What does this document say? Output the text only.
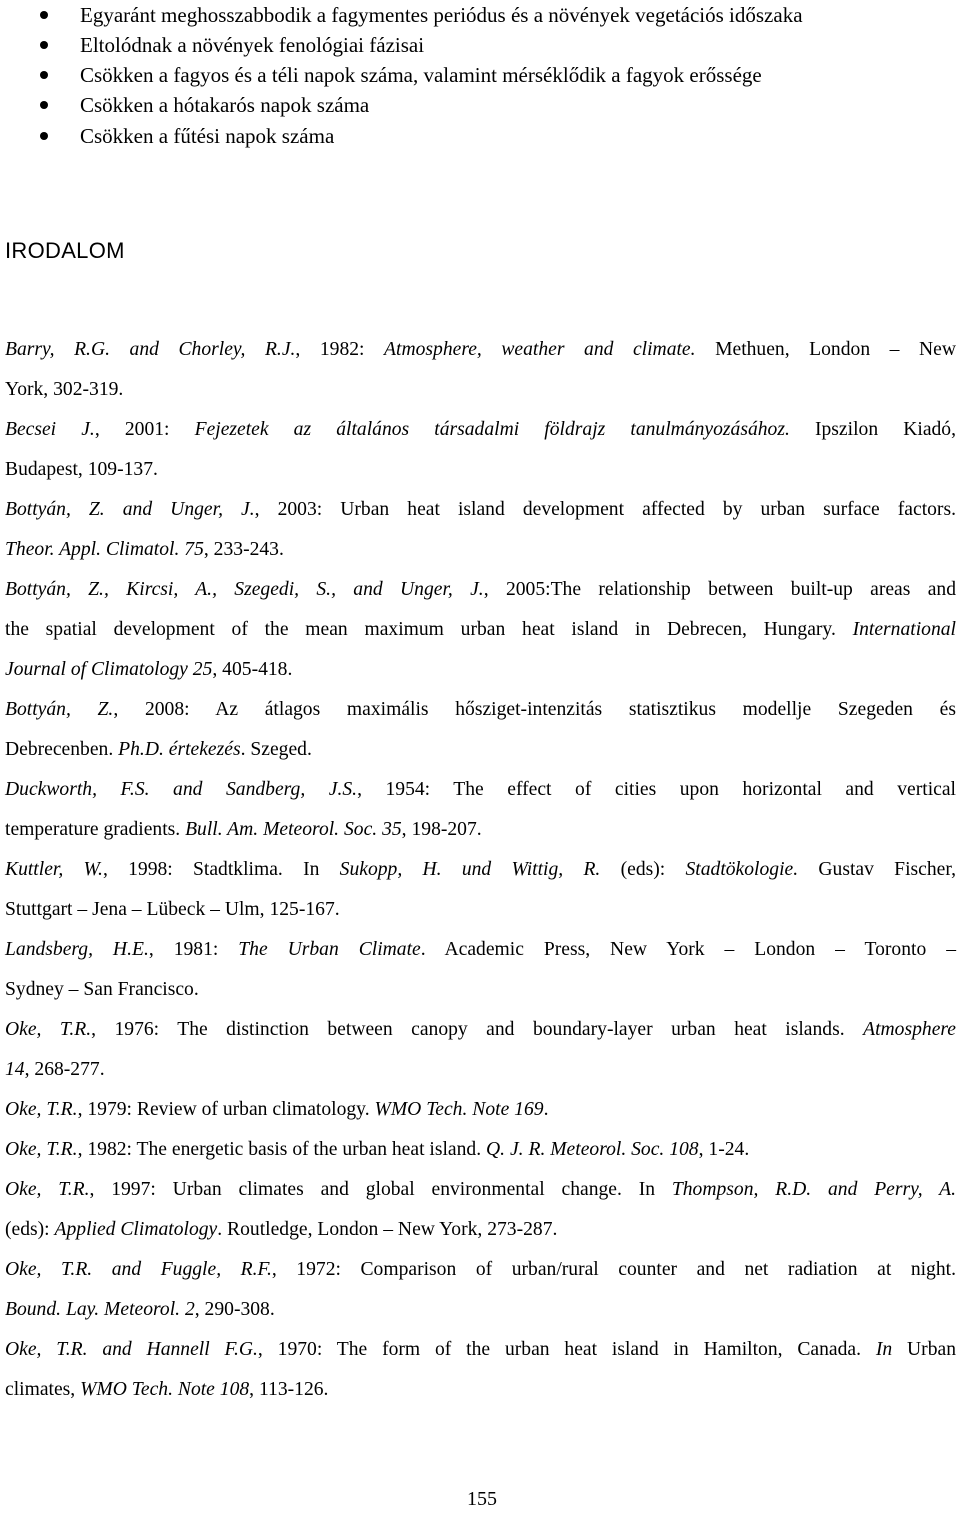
Egyaránt meghosszabbodik a fagymentes periódus és a növények vegetációs időszaka
Eltolódnak a növények fenológiai fázisai
Csökken a fagyos és a téli napok száma, valamint mérséklődik a fagyok erőssége
Csökken a hótakarós napok száma
Csökken a fűtési napok száma
IRODALOM
Barry, R.G. and Chorley, R.J., 1982: Atmosphere, weather and climate. Methuen, London – New
York, 302-319.
Becsei J., 2001: Fejezetek az általános társadalmi földrajz tanulmányozásához. Ipszilon Kiadó,
Budapest, 109-137.
Bottyán, Z. and Unger, J., 2003: Urban heat island development affected by urban surface factors.
Theor. Appl. Climatol. 75, 233-243.
Bottyán, Z., Kircsi, A., Szegedi, S., and Unger, J., 2005:The relationship between built-up areas and
the spatial development of the mean maximum urban heat island in Debrecen, Hungary. International
Journal of Climatology 25, 405-418.
Bottyán, Z., 2008: Az átlagos maximális hősziget-intenzitás statisztikus modellje Szegeden és
Debrecenben. Ph.D. értekezés. Szeged.
Duckworth, F.S. and Sandberg, J.S., 1954: The effect of cities upon horizontal and vertical
temperature gradients. Bull. Am. Meteorol. Soc. 35, 198-207.
Kuttler, W., 1998: Stadtklima. In Sukopp, H. und Wittig, R. (eds): Stadtökologie. Gustav Fischer,
Stuttgart – Jena – Lübeck – Ulm, 125-167.
Landsberg, H.E., 1981: The Urban Climate. Academic Press, New York – London – Toronto –
Sydney – San Francisco.
Oke, T.R., 1976: The distinction between canopy and boundary-layer urban heat islands. Atmosphere
14, 268-277.
Oke, T.R., 1979: Review of urban climatology. WMO Tech. Note 169.
Oke, T.R., 1982: The energetic basis of the urban heat island. Q. J. R. Meteorol. Soc. 108, 1-24.
Oke, T.R., 1997: Urban climates and global environmental change. In Thompson, R.D. and Perry, A.
(eds): Applied Climatology. Routledge, London – New York, 273-287.
Oke, T.R. and Fuggle, R.F., 1972: Comparison of urban/rural counter and net radiation at night.
Bound. Lay. Meteorol. 2, 290-308.
Oke, T.R. and Hannell F.G., 1970: The form of the urban heat island in Hamilton, Canada. In Urban
climates, WMO Tech. Note 108, 113-126.
155
